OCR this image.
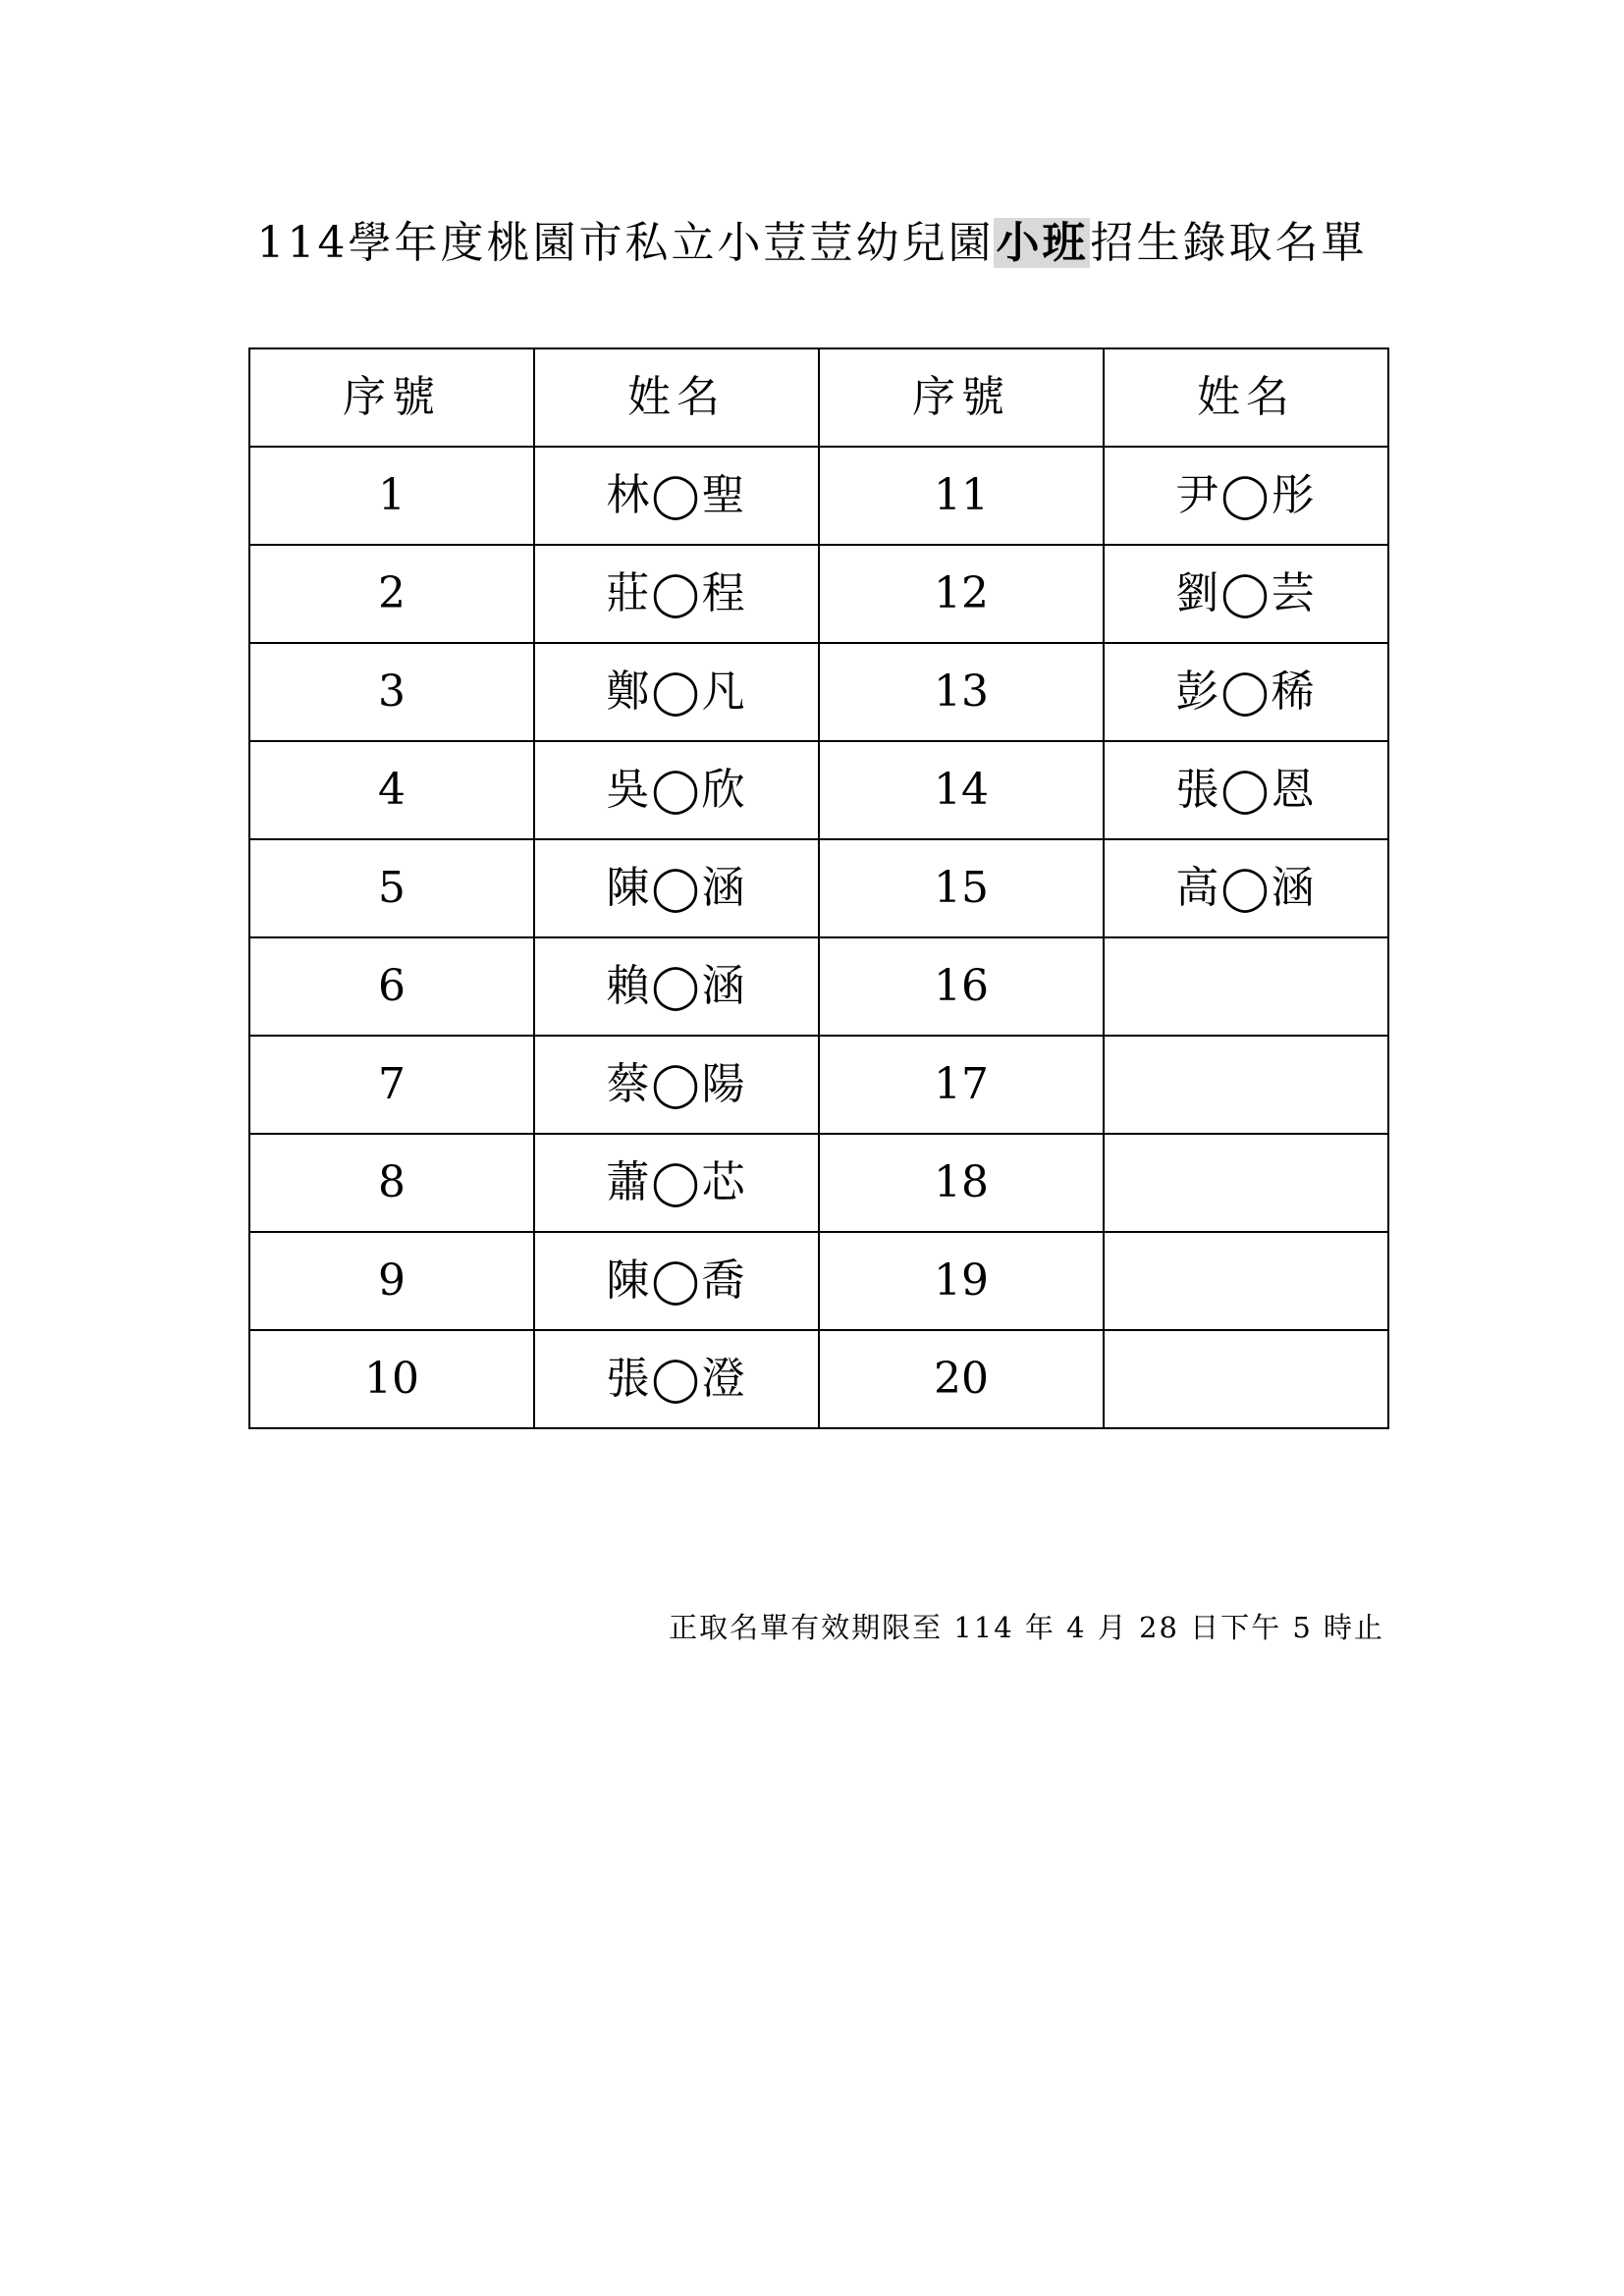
114學年度桃園市私立小荳荳幼兒園小班招生錄取名單
序號	姓名	序號	姓名
1	林◯聖	11	尹◯彤
2	莊◯程	12	劉◯芸
3	鄭◯凡	13	彭◯稀
4	吳◯欣	14	張◯恩
5	陳◯涵	15	高◯涵
6	賴◯涵	16	
7	蔡◯陽	17	
8	蕭◯芯	18	
9	陳◯喬	19	
10	張◯澄	20	
正取名單有效期限至 114 年 4 月 28 日下午 5 時止
